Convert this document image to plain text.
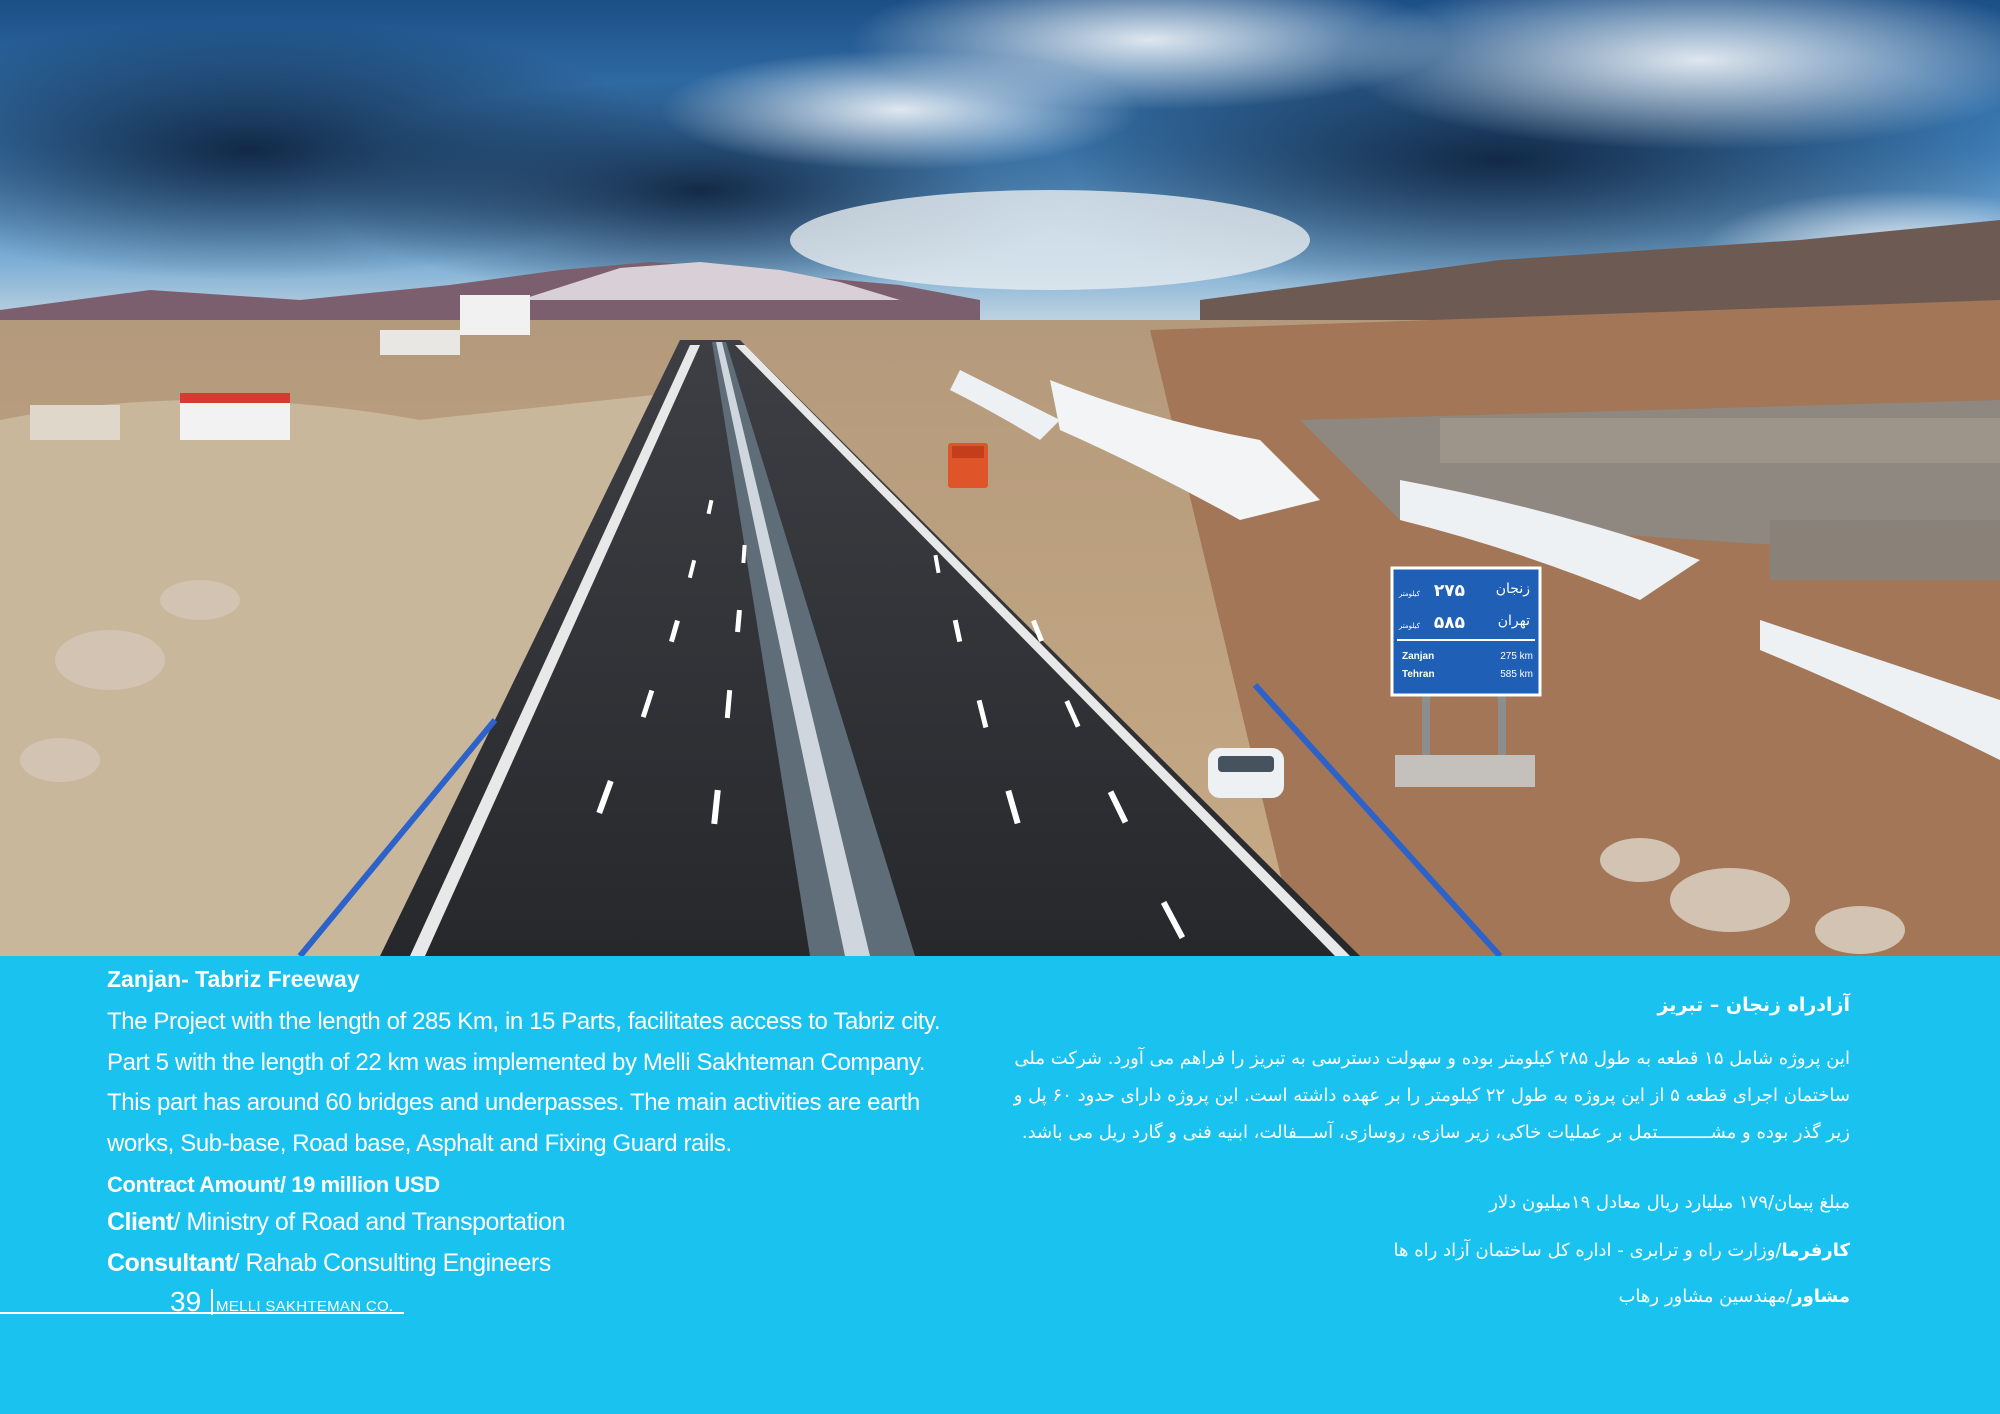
زنجان
۲۷۵
کیلومتر
تهران
۵۸۵
کیلومتر
Zanjan	275 km
Tehran	585 km
Zanjan- Tabriz Freeway
The Project with the length of 285 Km, in 15 Parts, facilitates access to Tabriz city. Part 5 with the length of 22 km was implemented by Melli Sakhteman Company. This part has around 60 bridges and underpasses. The main activities are earth works, Sub-base, Road base, Asphalt and Fixing Guard rails.
Contract Amount/ 19 million USD
Client/ Ministry of Road and Transportation
Consultant/ Rahab Consulting Engineers
39 MELLI SAKHTEMAN CO.
آزادراه زنجان – تبریز
این پروژه شامل ۱۵ قطعه به طول ۲۸۵ کیلومتر بوده و سهولت دسترسی به تبریز را فراهم می آورد. شرکت ملی ساختمان اجرای قطعه ۵ از این پروژه به طول ۲۲ کیلومتر را بر عهده داشته است. این پروژه دارای حدود ۶۰ پل و زیر گذر بوده و مشــــــــــتمل بر عملیات خاکی، زیر سازی، روسازی، آســـفالت، ابنیه فنی و گارد ریل می باشد.
مبلغ پیمان/۱۷۹ میلیارد ریال معادل ۱۹میلیون دلار
کارفرما/وزارت راه و ترابری - اداره کل ساختمان آزاد راه ها
مشاور/مهندسین مشاور رهاب
